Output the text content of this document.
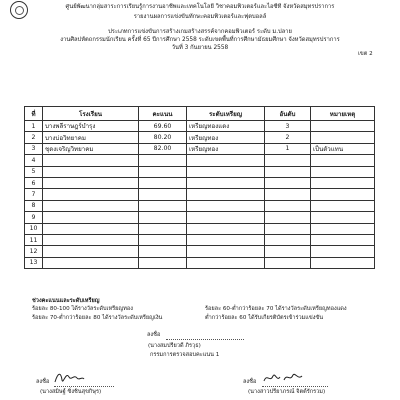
ศูนย์พัฒนากลุ่มสาระการเรียนรู้การงานอาชีพและเทคโนโลยี วิชาคอมพิวเตอร์และไอซีที จังหวัดสมุทรปราการ
รายงานผลการแข่งขันทักษะคอมพิวเตอร์และฟุตบอลล์
ประเภทการแข่งขันการสร้างเกมสร้างสรรค์จากคอมพิวเตอร์ ระดับ ม.ปลาย
งานศิลปหัตถกรรมนักเรียน ครั้งที่ 65 ปีการศึกษา 2558 ระดับเขตพื้นที่การศึกษามัธยมศึกษา จังหวัดสมุทรปราการ
วันที่ 3 กันยายน 2558
เขต 2
ที่	โรงเรียน	คะแนน	ระดับเหรียญ	อันดับ	หมายเหตุ
1	บางพลีราษฎร์บำรุง	69.60	เหรียญทองแดง	3	
2	บางบ่อวิทยาคม	80.20	เหรียญทอง	2	
3	ชุดงเจริญวิทยาคม	82.00	เหรียญทอง	1	เป็นตัวแทน
4					
5					
6					
7					
8					
9					
10					
11					
12					
13					
ช่วงคะแนนและระดับเหรียญ
ร้อยละ 80-100 ได้รางวัลระดับเหรียญทอง
ร้อยละ 70-ต่ำกว่าร้อยละ 80 ได้รางวัลระดับเหรียญเงิน
ร้อยละ 60-ต่ำกว่าร้อยละ 70 ได้รางวัลระดับเหรียญทองแดง
ต่ำกว่าร้อยละ 60 ได้รับเกียรติบัตรเข้าร่วมแข่งขัน
ลงชื่อ
(นางสมปรียวดี ภิรวุธ)
กรรมการตรวจสอบคะแนน 1
ลงชื่อ
(นางสมิษฐ์ ซิ่งชินสุขกิษุร)
ลงชื่อ
(นางสาวปรียาภรณ์ จิตต์รักรวม)
